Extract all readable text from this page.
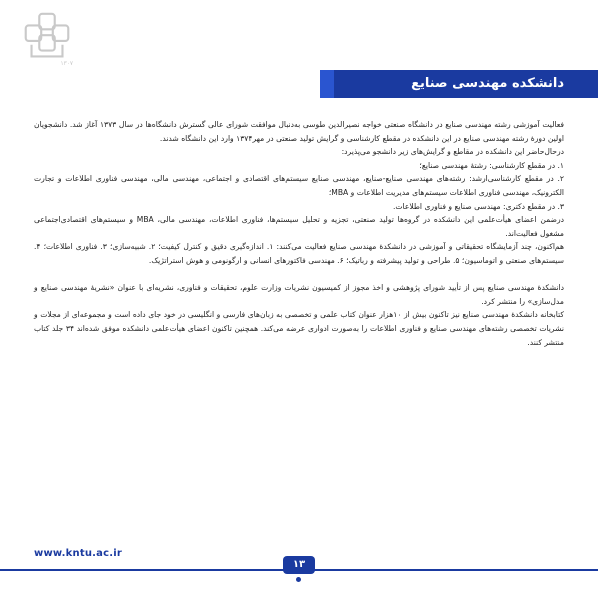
۱۳۰۷
دانشکده مهندسی صنایع

فعالیت آموزشی رشته مهندسی صنایع در دانشگاه صنعتی خواجه نصیرالدین طوسی به‌دنبال موافقت شورای عالی گسترش دانشگاه‌ها در سال ۱۳۷۳ آغاز شد. دانشجویان اولین دورهٔ رشته مهندسی صنایع در این دانشکده در مقطع کارشناسی و گرایش تولید صنعتی در مهر۱۳۷۴ وارد این دانشگاه شدند.

درحال‌حاضر این دانشکده در مقاطع و گرایش‌های زیر دانشجو می‌پذیرد:

۱. در مقطع کارشناسی: رشتهٔ مهندسی صنایع؛

۲. در مقطع کارشناسی‌ارشد: رشته‌های مهندسی صنایع-صنایع، مهندسی صنایع سیستم‌های اقتصادی و اجتماعی، مهندسی مالی، مهندسی فناوری اطلاعات و تجارت الکترونیک، مهندسی فناوری اطلاعات سیستم‌های مدیریت اطلاعات و MBA؛

۳. در مقطع دکتری: مهندسی صنایع و فناوری اطلاعات.

درضمن اعضای هیأت‌علمی این دانشکده در گروه‌ها تولید صنعتی، تجزیه و تحلیل سیستم‌ها، فناوری اطلاعات، مهندسی مالی، MBA و سیستم‌های اقتصادی‌اجتماعی مشغول فعالیت‌اند.

هم‌اکنون، چند آزمایشگاه تحقیقاتی و آموزشی در دانشکدهٔ مهندسی صنایع فعالیت می‌کنند: ۱. اندازه‌گیری دقیق و کنترل کیفیت؛ ۲. شبیه‌سازی؛ ۳. فناوری اطلاعات؛ ۴. سیستم‌های صنعتی و اتوماسیون؛ ۵. طراحی و تولید پیشرفته و رباتیک؛ ۶. مهندسی فاکتورهای انسانی و ارگونومی و هوش استراتژیک.

دانشکدهٔ مهندسی صنایع پس از تأیید شورای پژوهشی و اخذ مجوز از کمیسیون نشریات وزارت علوم، تحقیقات و فناوری، نشریه‌ای با عنوان «نشریهٔ مهندسی صنایع و مدل‌سازی» را منتشر کرد.

کتابخانه دانشکدهٔ مهندسی صنایع نیز تاکنون بیش از ۱۰هزار عنوان کتاب علمی و تخصصی به زبان‌های فارسی و انگلیسی در خود جای داده است و مجموعه‌ای از مجلات و نشریات تخصصی رشته‌های مهندسی صنایع و فناوری اطلاعات را به‌صورت ادواری عرضه می‌کند. همچنین تاکنون اعضای هیأت‌علمی دانشکده موفق شده‌اند ۳۴ جلد کتاب منتشر کنند.

www.kntu.ac.ir
۱۳
